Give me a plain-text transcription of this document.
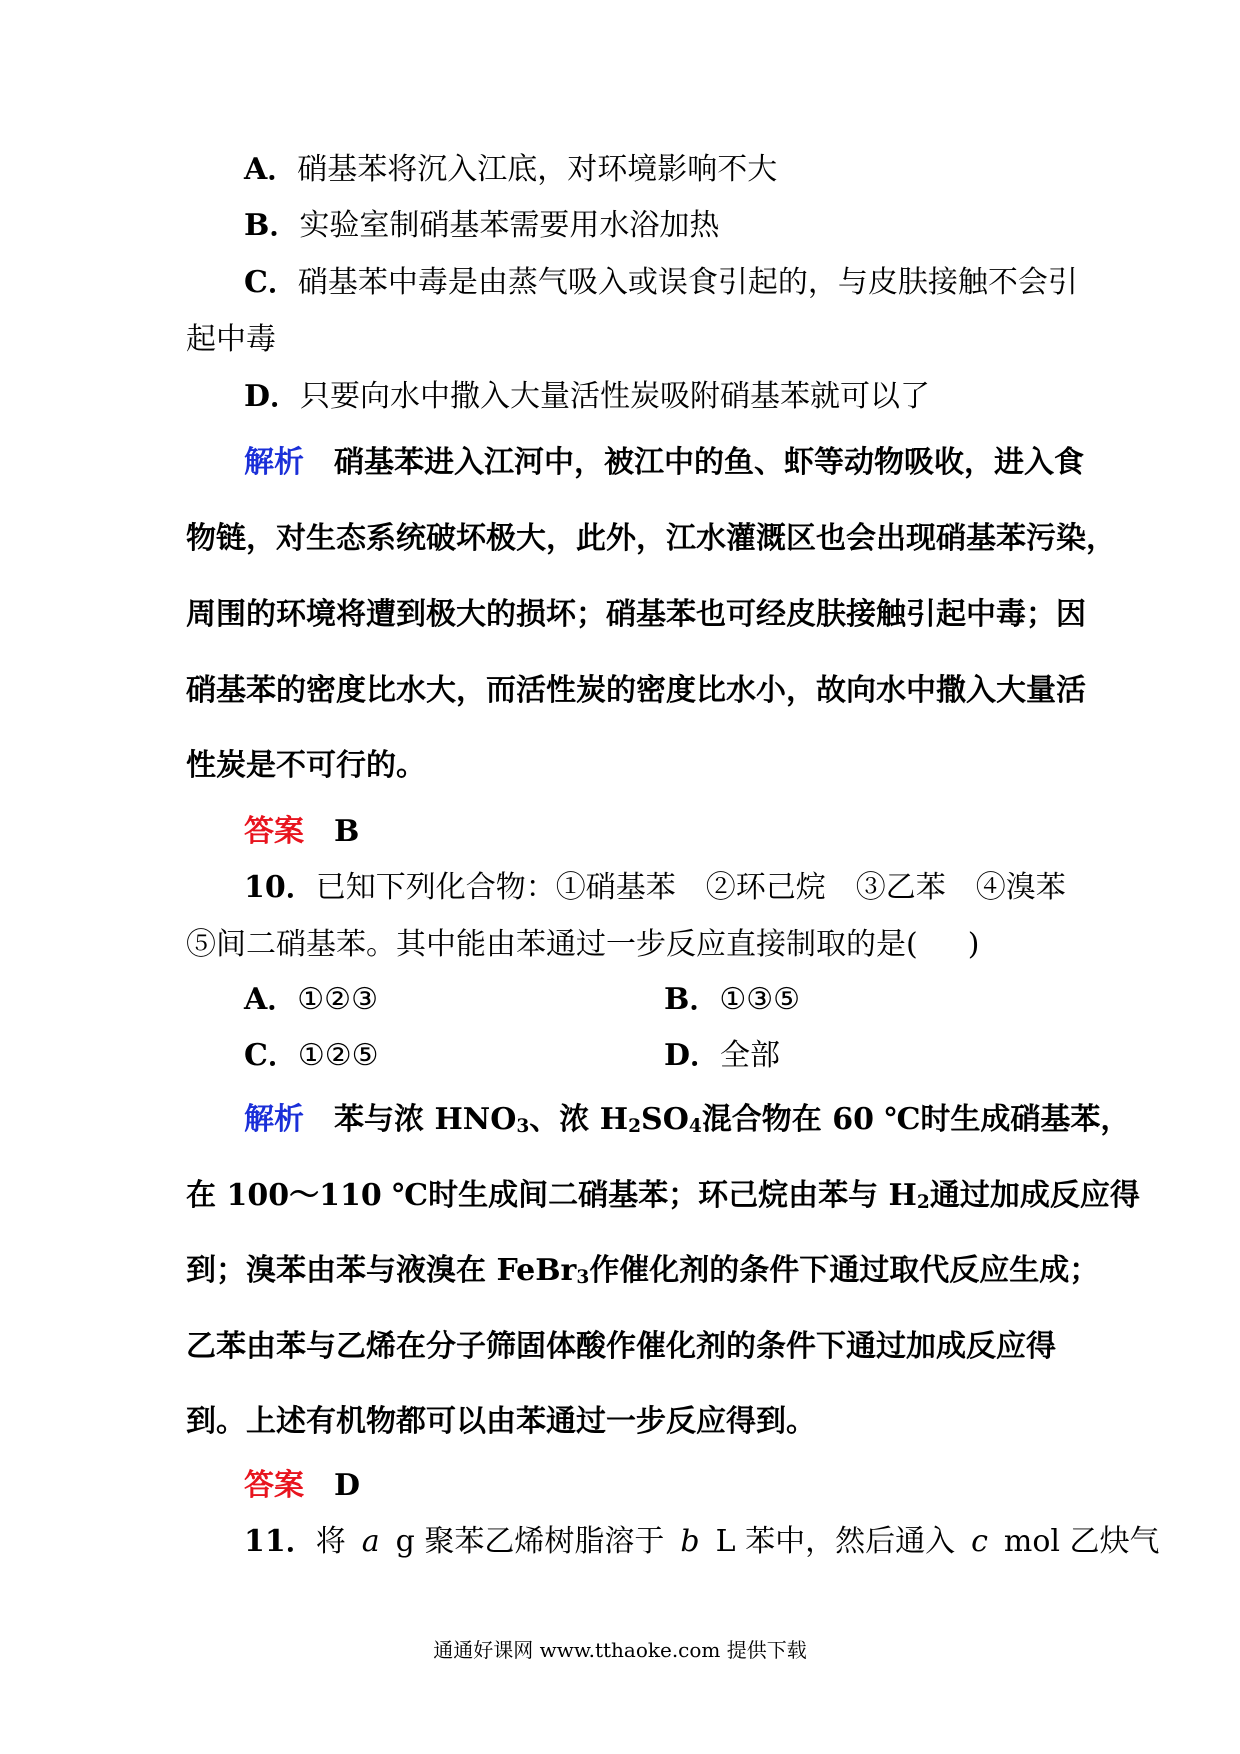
A．硝基苯将沉入江底，对环境影响不大
B．实验室制硝基苯需要用水浴加热
C．硝基苯中毒是由蒸气吸入或误食引起的，与皮肤接触不会引
起中毒
D．只要向水中撒入大量活性炭吸附硝基苯就可以了
解析 硝基苯进入江河中，被江中的鱼、虾等动物吸收，进入食
物链，对生态系统破坏极大，此外，江水灌溉区也会出现硝基苯污染，
周围的环境将遭到极大的损坏；硝基苯也可经皮肤接触引起中毒；因
硝基苯的密度比水大，而活性炭的密度比水小，故向水中撒入大量活
性炭是不可行的。
答案 B
10．已知下列化合物：①硝基苯 ②环己烷 ③乙苯 ④溴苯
⑤间二硝基苯。其中能由苯通过一步反应直接制取的是( )
A．①②③	B．①③⑤
C．①②⑤	D．全部
解析 苯与浓 $HNO_3$、浓 $H_2SO_4$混合物在 60 ℃时生成硝基苯，
在 100～110 ℃时生成间二硝基苯；环己烷由苯与 $H_2$通过加成反应得
到；溴苯由苯与液溴在 FeBr$_3$作催化剂的条件下通过取代反应生成；
乙苯由苯与乙烯在分子筛固体酸作催化剂的条件下通过加成反应得
到。上述有机物都可以由苯通过一步反应得到。
答案 D
11．将 a g 聚苯乙烯树脂溶于 b L 苯中，然后通入 c mol 乙炔气
通通好课网 www.tthaoke.com 提供下载
